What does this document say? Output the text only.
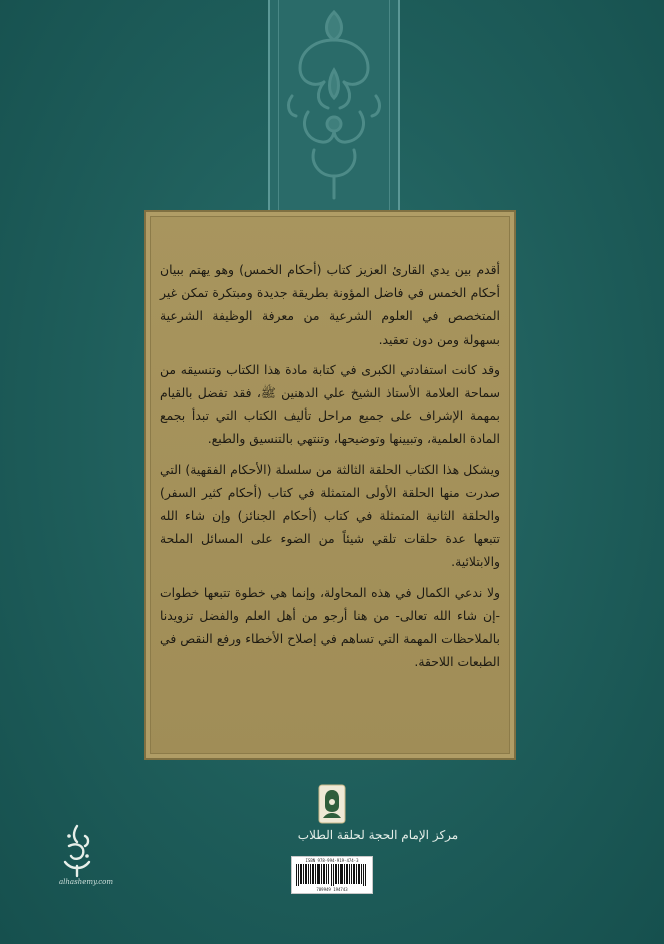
أقدم بين يدي القارئ العزيز كتاب (أحكام الخمس) وهو يهتم ببيان أحكام الخمس في فاضل المؤونة بطريقة جديدة ومبتكرة تمكن غير المتخصص في العلوم الشرعية من معرفة الوظيفة الشرعية بسهولة ومن دون تعقيد.

وقد كانت استفادتي الكبرى في كتابة مادة هذا الكتاب وتنسيقه من سماحة العلامة الأستاذ الشيخ علي الدهنين ﷺ، فقد تفضل بالقيام بمهمة الإشراف على جميع مراحل تأليف الكتاب التي تبدأ بجمع المادة العلمية، وتبيينها وتوضيحها، وتنتهي بالتنسيق والطبع.

ويشكل هذا الكتاب الحلقة الثالثة من سلسلة (الأحكام الفقهية) التي صدرت منها الحلقة الأولى المتمثلة في كتاب (أحكام كثير السفر) والحلقة الثانية المتمثلة في كتاب (أحكام الجنائز) وإن شاء الله تتبعها عدة حلقات تلقي شيئاً من الضوء على المسائل الملحة والابتلائية.

ولا ندعي الكمال في هذه المحاولة، وإنما هي خطوة تتبعها خطوات -إن شاء الله تعالى- من هنا أرجو من أهل العلم والفضل تزويدنا بالملاحظات المهمة التي تساهم في إصلاح الأخطاء ورفع النقص في الطبعات اللاحقة.

مركز الإمام الحجة لحلقة الطلاب
ISBN 978-994-919-474-3
789949 194743
alhashemy.com
